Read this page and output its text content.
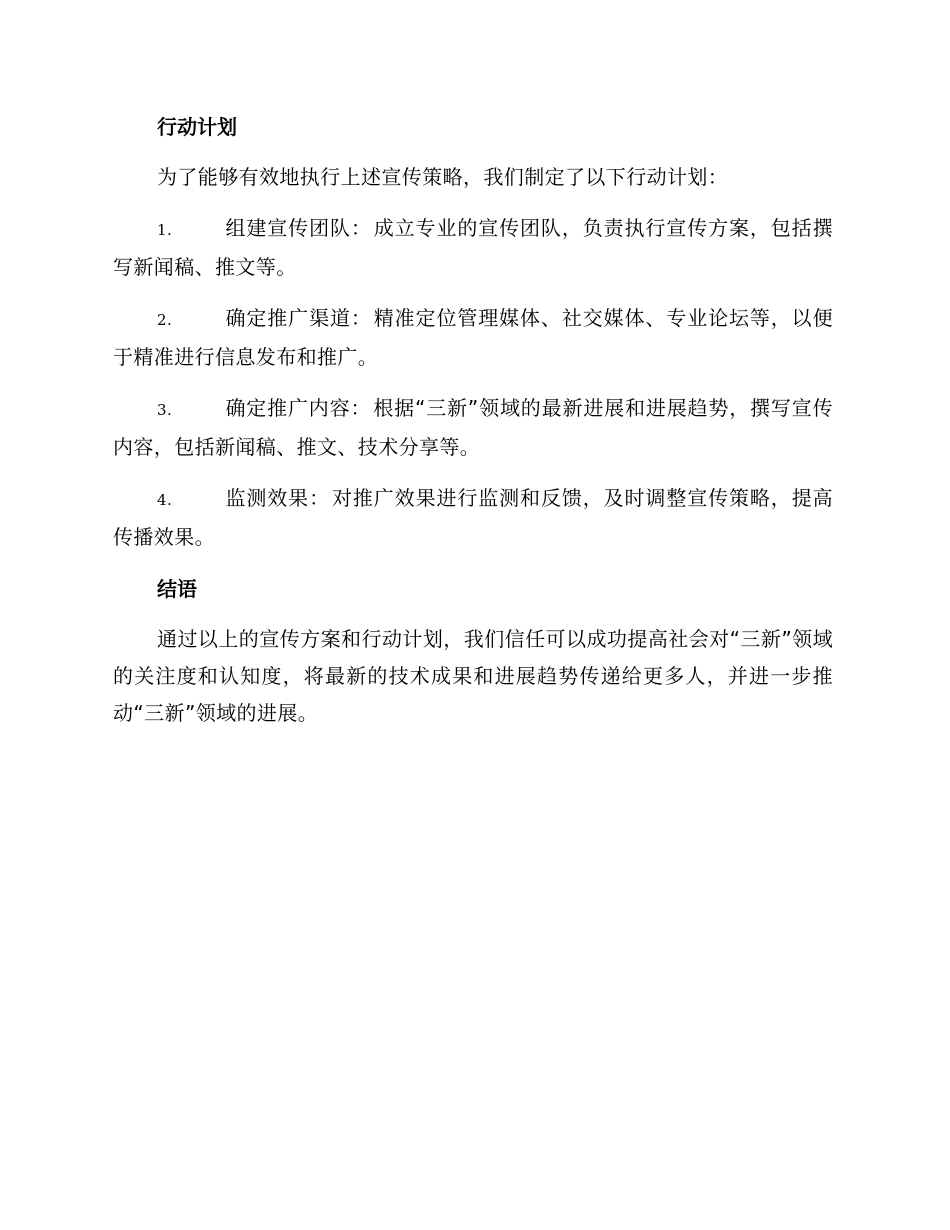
行动计划

为了能够有效地执行上述宣传策略，我们制定了以下行动计划：

1.	组建宣传团队： 成立专业的宣传团队，负责执行宣传方案，包括撰写新闻稿、推文等。

2.	确定推广渠道： 精准定位管理媒体、社交媒体、专业论坛等，以便于精准进行信息发布和推广。

3.	确定推广内容： 根据“三新”领域的最新进展和进展趋势，撰写宣传内容，包括新闻稿、推文、技术分享等。

4.	监测效果： 对推广效果进行监测和反馈，及时调整宣传策略，提高传播效果。

结语

通过以上的宣传方案和行动计划，我们信任可以成功提高社会对“三新”领域的关注度和认知度，将最新的技术成果和进展趋势传递给更多人，并进一步推动“三新”领域的进展。
